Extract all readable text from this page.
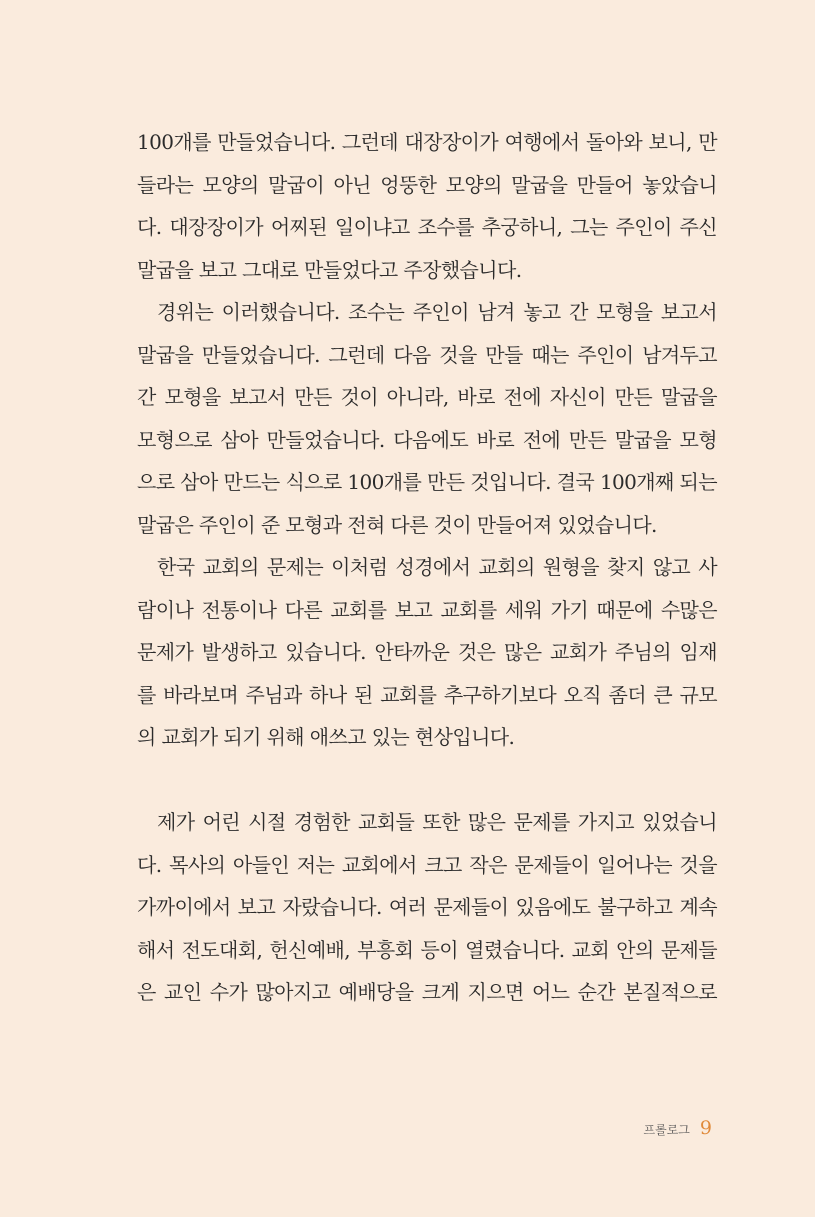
100개를 만들었습니다. 그런데 대장장이가 여행에서 돌아와 보니, 만
들라는 모양의 말굽이 아닌 엉뚱한 모양의 말굽을 만들어 놓았습니
다. 대장장이가 어찌된 일이냐고 조수를 추궁하니, 그는 주인이 주신
말굽을 보고 그대로 만들었다고 주장했습니다.
경위는 이러했습니다. 조수는 주인이 남겨 놓고 간 모형을 보고서
말굽을 만들었습니다. 그런데 다음 것을 만들 때는 주인이 남겨두고
간 모형을 보고서 만든 것이 아니라, 바로 전에 자신이 만든 말굽을
모형으로 삼아 만들었습니다. 다음에도 바로 전에 만든 말굽을 모형
으로 삼아 만드는 식으로 100개를 만든 것입니다. 결국 100개째 되는
말굽은 주인이 준 모형과 전혀 다른 것이 만들어져 있었습니다.
한국 교회의 문제는 이처럼 성경에서 교회의 원형을 찾지 않고 사
람이나 전통이나 다른 교회를 보고 교회를 세워 가기 때문에 수많은
문제가 발생하고 있습니다. 안타까운 것은 많은 교회가 주님의 임재
를 바라보며 주님과 하나 된 교회를 추구하기보다 오직 좀더 큰 규모
의 교회가 되기 위해 애쓰고 있는 현상입니다.
제가 어린 시절 경험한 교회들 또한 많은 문제를 가지고 있었습니
다. 목사의 아들인 저는 교회에서 크고 작은 문제들이 일어나는 것을
가까이에서 보고 자랐습니다. 여러 문제들이 있음에도 불구하고 계속
해서 전도대회, 헌신예배, 부흥회 등이 열렸습니다. 교회 안의 문제들
은 교인 수가 많아지고 예배당을 크게 지으면 어느 순간 본질적으로
프롤로그 9
